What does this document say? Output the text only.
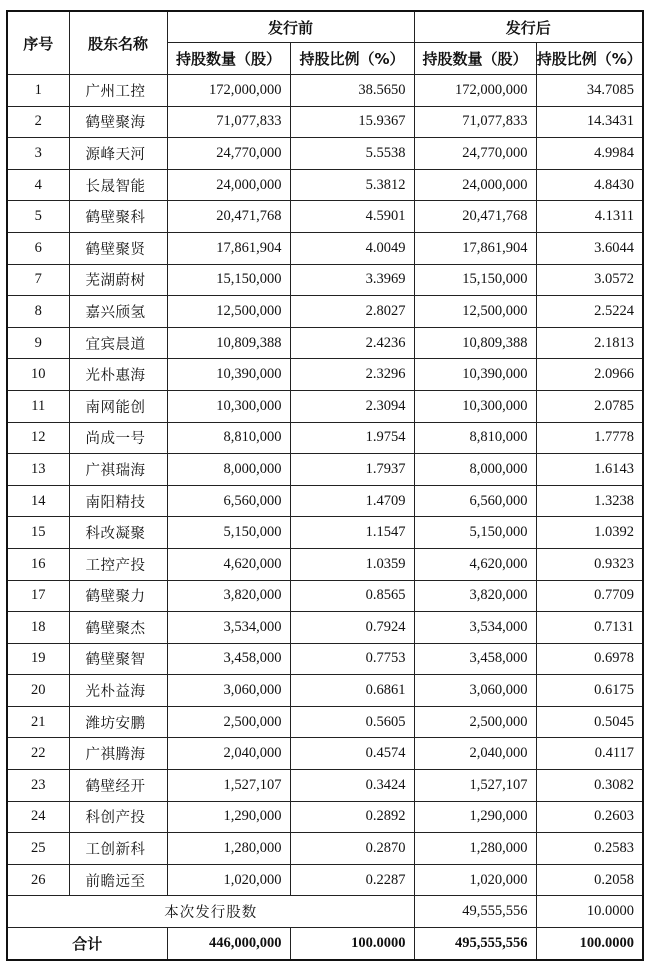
序号	股东名称	发行前		发行后	
		持股数量（股）	持股比例（%）	持股数量（股）	持股比例（%）
1	广州工控	172,000,000	38.5650	172,000,000	34.7085
2	鹤壁聚海	71,077,833	15.9367	71,077,833	14.3431
3	源峰天河	24,770,000	5.5538	24,770,000	4.9984
4	长晟智能	24,000,000	5.3812	24,000,000	4.8430
5	鹤壁聚科	20,471,768	4.5901	20,471,768	4.1311
6	鹤壁聚贤	17,861,904	4.0049	17,861,904	3.6044
7	芜湖蔚树	15,150,000	3.3969	15,150,000	3.0572
8	嘉兴颀氢	12,500,000	2.8027	12,500,000	2.5224
9	宜宾晨道	10,809,388	2.4236	10,809,388	2.1813
10	光朴惠海	10,390,000	2.3296	10,390,000	2.0966
11	南网能创	10,300,000	2.3094	10,300,000	2.0785
12	尚成一号	8,810,000	1.9754	8,810,000	1.7778
13	广祺瑞海	8,000,000	1.7937	8,000,000	1.6143
14	南阳精技	6,560,000	1.4709	6,560,000	1.3238
15	科改凝聚	5,150,000	1.1547	5,150,000	1.0392
16	工控产投	4,620,000	1.0359	4,620,000	0.9323
17	鹤壁聚力	3,820,000	0.8565	3,820,000	0.7709
18	鹤壁聚杰	3,534,000	0.7924	3,534,000	0.7131
19	鹤壁聚智	3,458,000	0.7753	3,458,000	0.6978
20	光朴益海	3,060,000	0.6861	3,060,000	0.6175
21	潍坊安鹏	2,500,000	0.5605	2,500,000	0.5045
22	广祺腾海	2,040,000	0.4574	2,040,000	0.4117
23	鹤壁经开	1,527,107	0.3424	1,527,107	0.3082
24	科创产投	1,290,000	0.2892	1,290,000	0.2603
25	工创新科	1,280,000	0.2870	1,280,000	0.2583
26	前瞻远至	1,020,000	0.2287	1,020,000	0.2058
本次发行股数				49,555,556	10.0000
合计		446,000,000	100.0000	495,555,556	100.0000
